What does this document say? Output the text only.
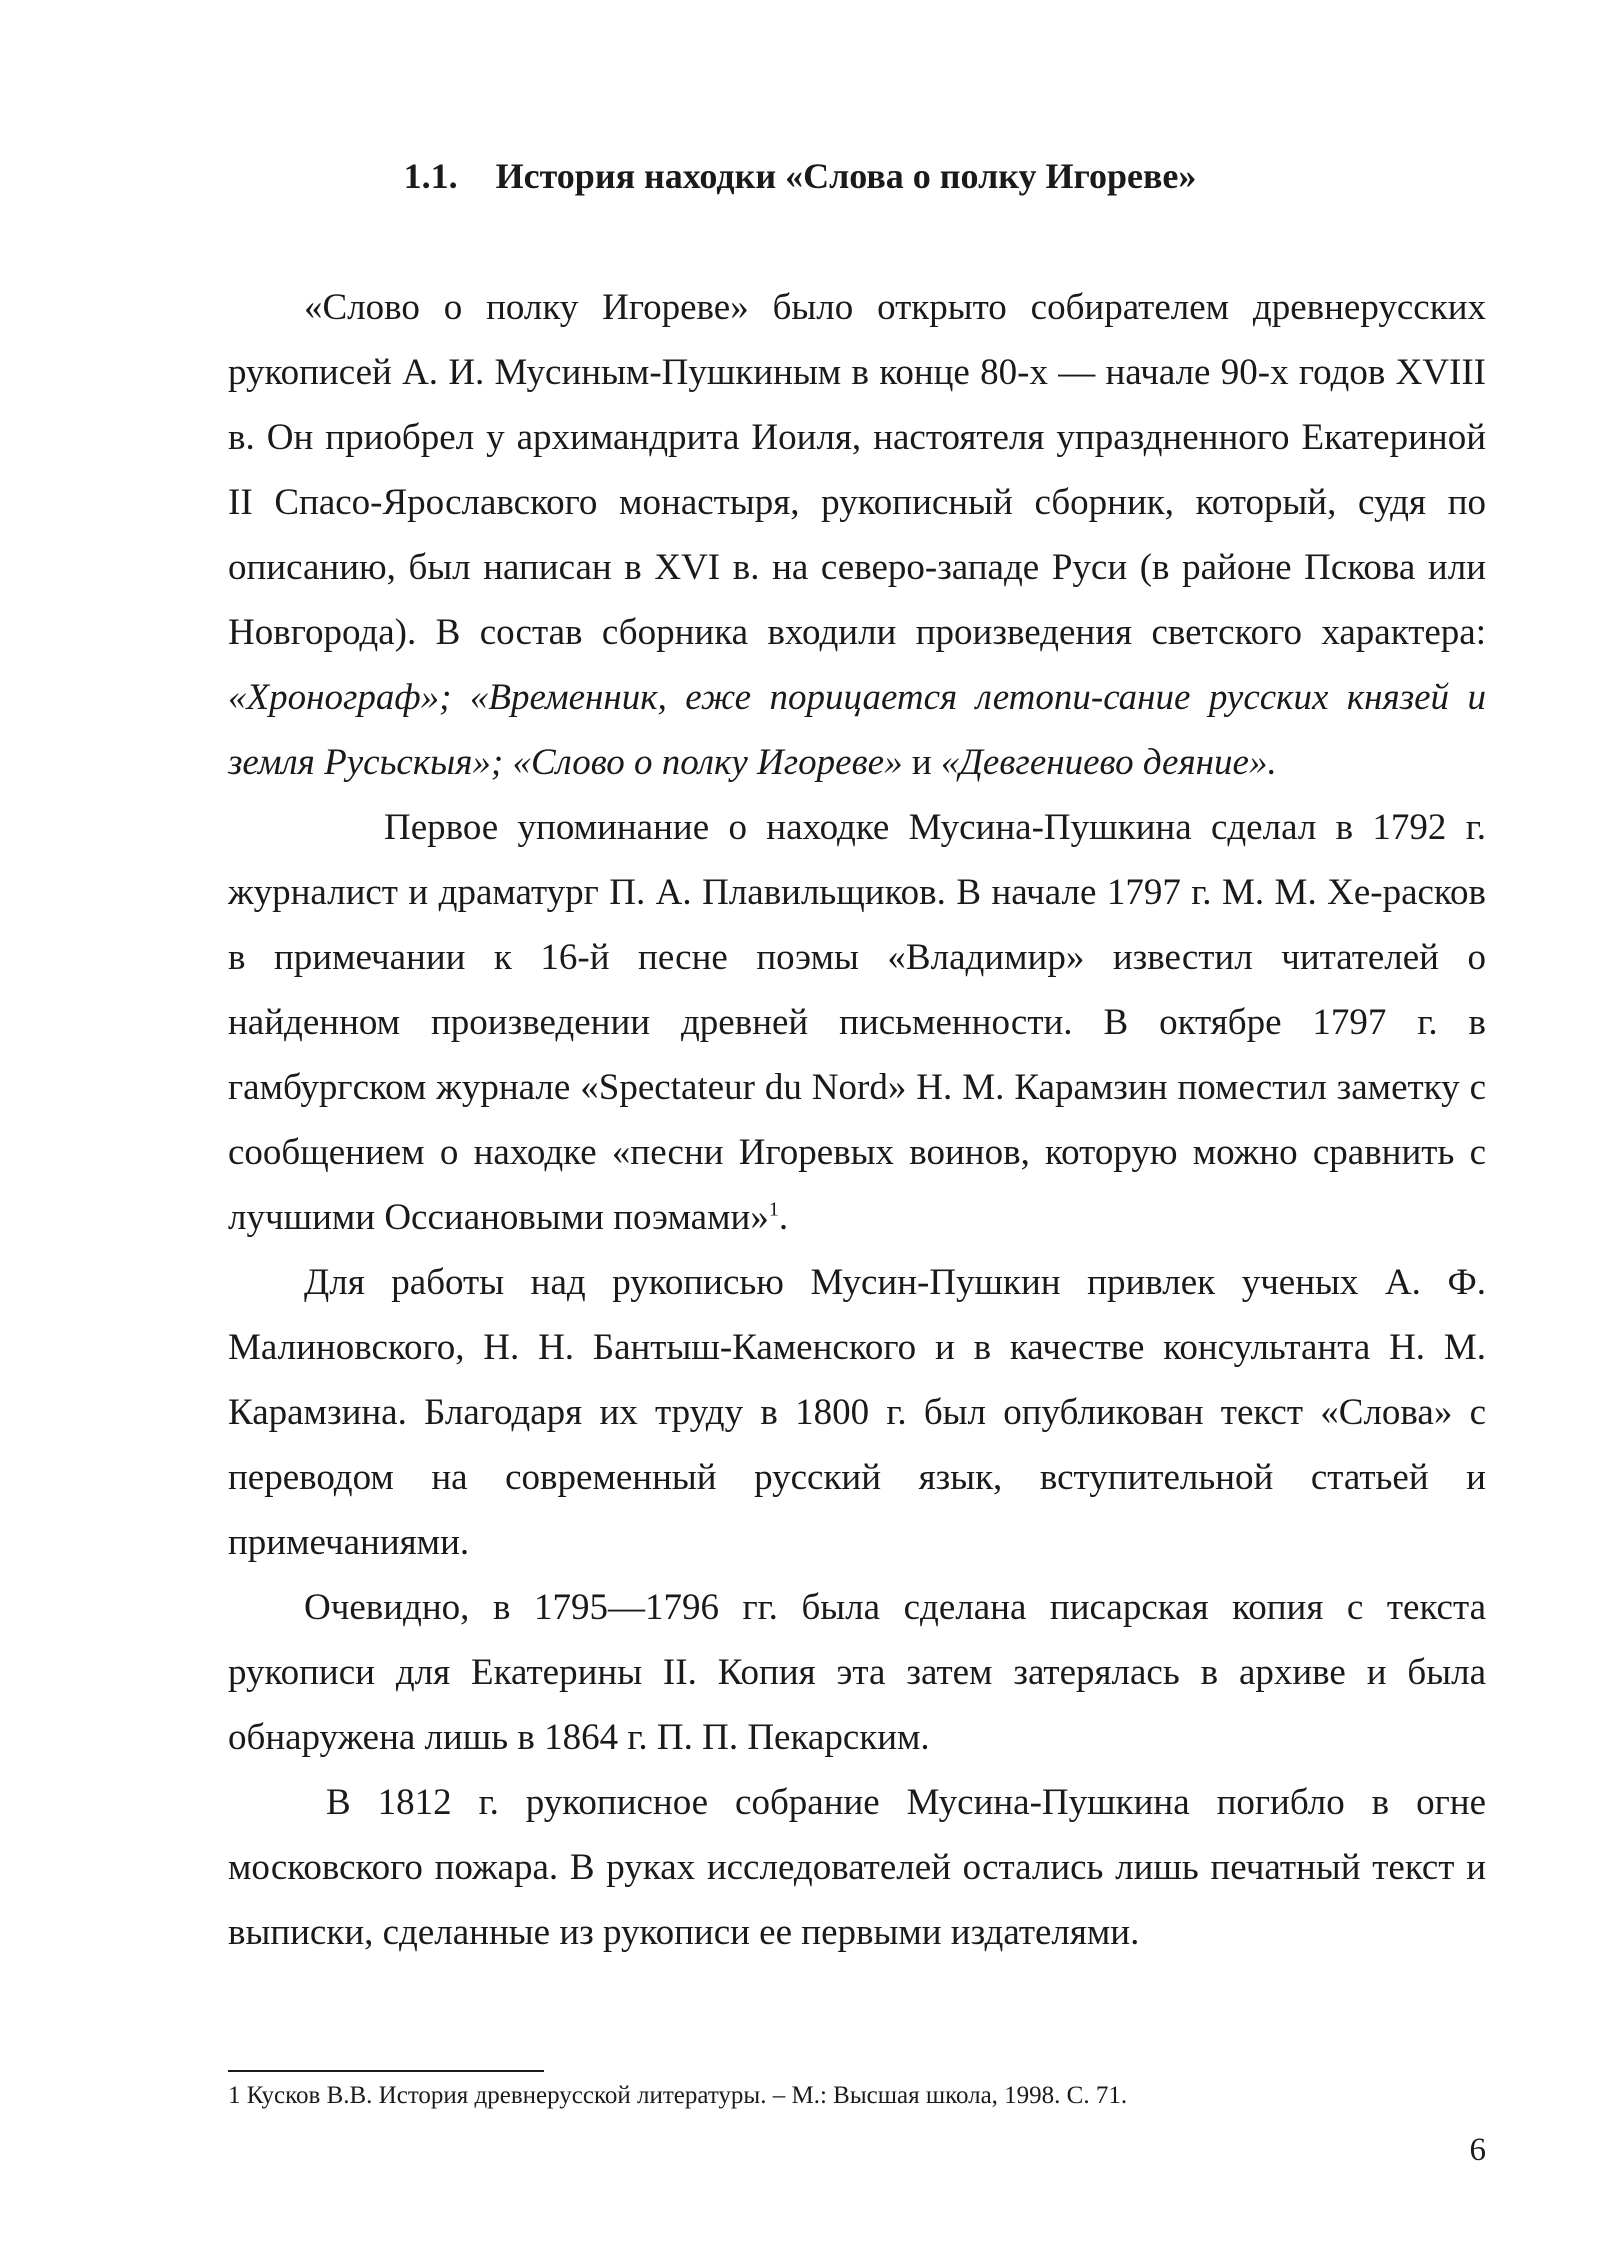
1.1. История находки «Слова о полку Игореве»

«Слово о полку Игореве» было открыто собирателем древнерусских рукописей А. И. Мусиным-Пушкиным в конце 80-х — начале 90-х годов XVIII в. Он приобрел у архимандрита Иоиля, настоятеля упраздненного Екатериной II Спасо-Ярославского монастыря, рукописный сборник, который, судя по описанию, был написан в XVI в. на северо-западе Руси (в районе Пскова или Новгорода). В состав сборника входили произведения светского характера: «Хронограф»; «Временник, еже порицается летопи-сание русских князей и земля Русьскыя»; «Слово о полку Игореве» и «Девгениево деяние».

Первое упоминание о находке Мусина-Пушкина сделал в 1792 г. журналист и драматург П. А. Плавильщиков. В начале 1797 г. М. М. Хе-расков в примечании к 16-й песне поэмы «Владимир» известил читателей о найденном произведении древней письменности. В октябре 1797 г. в гамбургском журнале «Spectateur du Nord» Н. М. Карамзин поместил заметку с сообщением о находке «песни Игоревых воинов, которую можно сравнить с лучшими Оссиановыми поэмами»$^1$.

Для работы над рукописью Мусин-Пушкин привлек ученых А. Ф. Малиновского, Н. Н. Бантыш-Каменского и в качестве консультанта Н. М. Карамзина. Благодаря их труду в 1800 г. был опубликован текст «Слова» с переводом на современный русский язык, вступительной статьей и примечаниями.

Очевидно, в 1795—1796 гг. была сделана писарская копия с текста рукописи для Екатерины II. Копия эта затем затерялась в архиве и была обнаружена лишь в 1864 г. П. П. Пекарским.

В 1812 г. рукописное собрание Мусина-Пушкина погибло в огне московского пожара. В руках исследователей остались лишь печатный текст и выписки, сделанные из рукописи ее первыми издателями.

1 Кусков В.В. История древнерусской литературы. – М.: Высшая школа, 1998. С. 71.

6
